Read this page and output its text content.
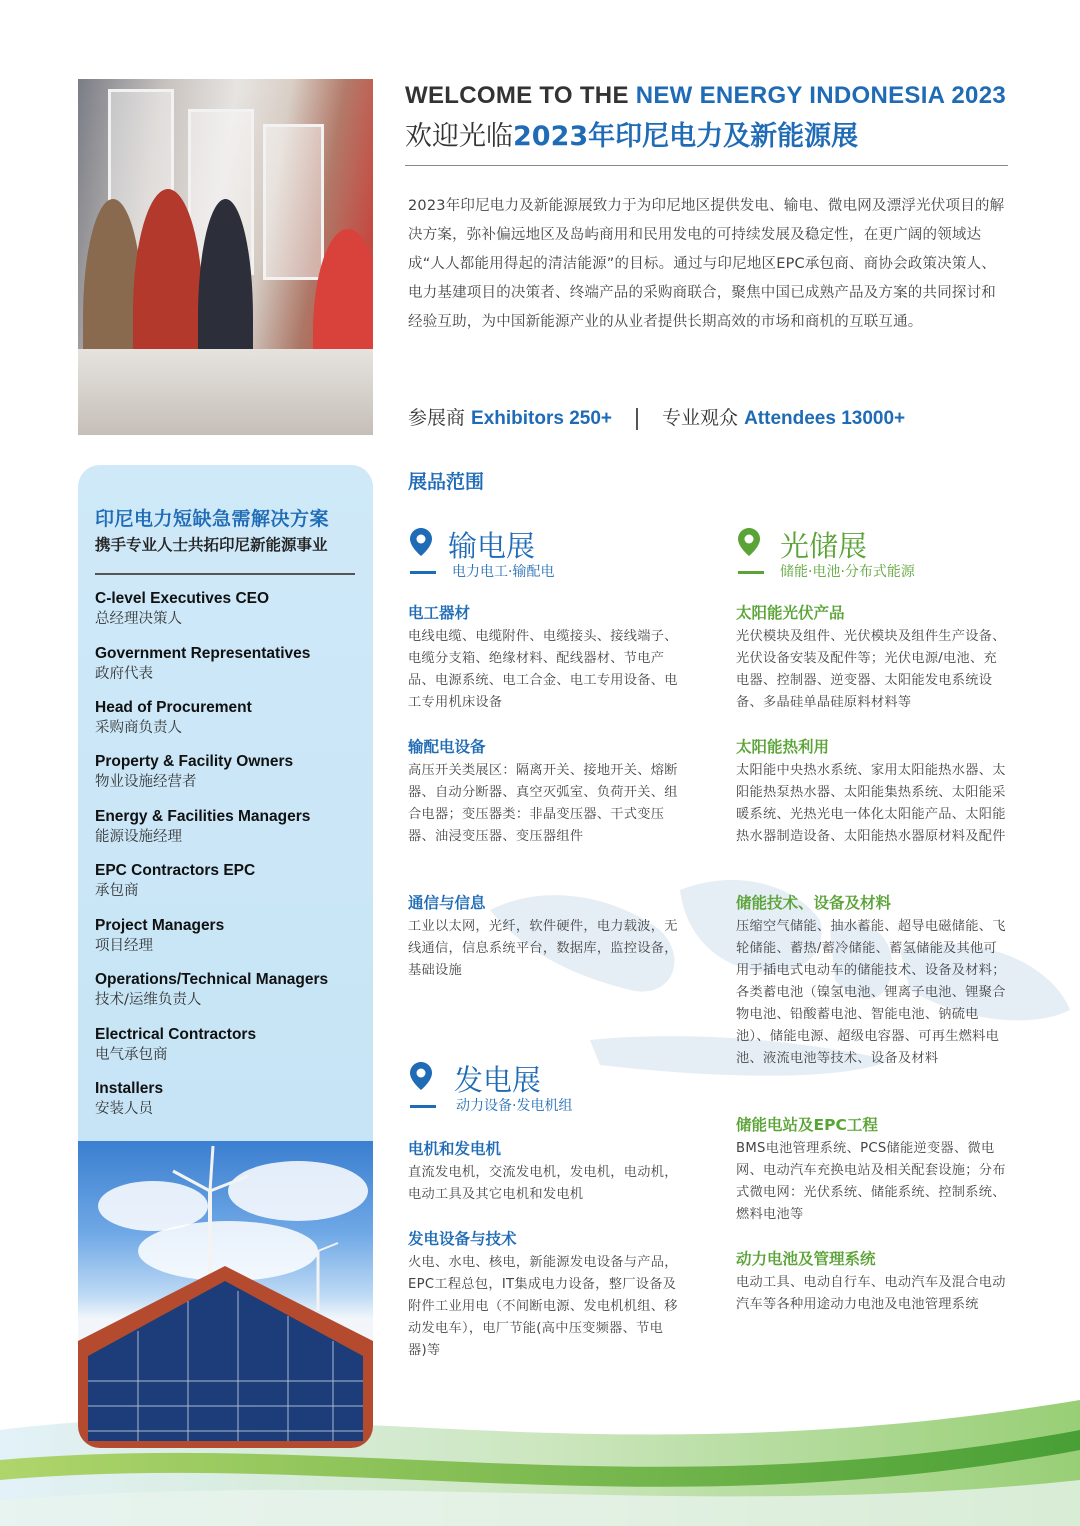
印尼电力短缺急需解决方案
携手专业人士共拓印尼新能源事业
C-level Executives CEO
总经理决策人
Government Representatives
政府代表
Head of Procurement
采购商负责人
Property & Facility Owners
物业设施经营者
Energy & Facilities Managers
能源设施经理
EPC Contractors EPC
承包商
Project Managers
项目经理
Operations/Technical Managers
技术/运维负责人
Electrical Contractors
电气承包商
Installers
安装人员
WELCOME TO THE NEW ENERGY INDONESIA 2023
欢迎光临2023年印尼电力及新能源展
2023年印尼电力及新能源展致力于为印尼地区提供发电、输电、微电网及漂浮光伏项目的解决方案，弥补偏远地区及岛屿商用和民用发电的可持续发展及稳定性，在更广阔的领域达成“人人都能用得起的清洁能源”的目标。通过与印尼地区EPC承包商、商协会政策决策人、电力基建项目的决策者、终端产品的采购商联合，聚焦中国已成熟产品及方案的共同探讨和经验互助，为中国新能源产业的从业者提供长期高效的市场和商机的互联互通。
参展商 Exhibitors 250+	专业观众 Attendees 13000+
展品范围
输电展
电力电工·输配电
电工器材
电线电缆、电缆附件、电缆接头、接线端子、电缆分支箱、绝缘材料、配线器材、节电产品、电源系统、电工合金、电工专用设备、电工专用机床设备
输配电设备
高压开关类展区：隔离开关、接地开关、熔断器、自动分断器、真空灭弧室、负荷开关、组合电器；变压器类：非晶变压器、干式变压器、油浸变压器、变压器组件
通信与信息
工业以太网，光纤，软件硬件，电力载波，无线通信，信息系统平台，数据库，监控设备，基础设施
发电展
动力设备·发电机组
电机和发电机
直流发电机，交流发电机，发电机，电动机，电动工具及其它电机和发电机
发电设备与技术
火电、水电、核电，新能源发电设备与产品，EPC工程总包，IT集成电力设备，整厂设备及附件工业用电（不间断电源、发电机机组、移动发电车），电厂节能(高中压变频器、节电器)等
光储展
储能·电池·分布式能源
太阳能光伏产品
光伏模块及组件、光伏模块及组件生产设备、光伏设备安装及配件等；光伏电源/电池、充电器、控制器、逆变器、太阳能发电系统设备、多晶硅单晶硅原料材料等
太阳能热利用
太阳能中央热水系统、家用太阳能热水器、太阳能热泵热水器、太阳能集热系统、太阳能采暖系统、光热光电一体化太阳能产品、太阳能热水器制造设备、太阳能热水器原材料及配件
储能技术、设备及材料
压缩空气储能、抽水蓄能、超导电磁储能、飞轮储能、蓄热/蓄冷储能、蓄氢储能及其他可用于插电式电动车的储能技术、设备及材料；各类蓄电池（镍氢电池、锂离子电池、锂聚合物电池、铅酸蓄电池、智能电池、钠硫电池）、储能电源、超级电容器、可再生燃料电池、液流电池等技术、设备及材料
储能电站及EPC工程
BMS电池管理系统、PCS储能逆变器、微电网、电动汽车充换电站及相关配套设施；分布式微电网：光伏系统、储能系统、控制系统、燃料电池等
动力电池及管理系统
电动工具、电动自行车、电动汽车及混合电动汽车等各种用途动力电池及电池管理系统
